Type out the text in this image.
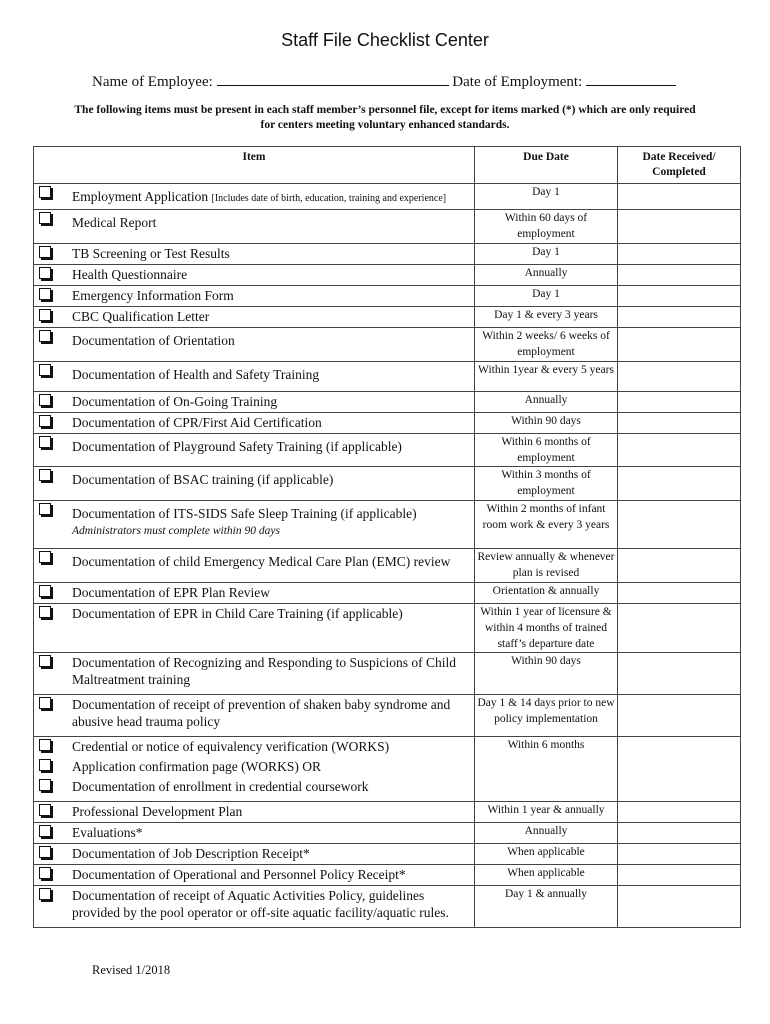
Staff File Checklist Center
Name of Employee:	Date of Employment:
The following items must be present in each staff member’s personnel file, except for items marked (*) which are only required for centers meeting voluntary enhanced standards.
Item	Due Date	Date Received/ Completed

Employment Application [Includes date of birth, education, training and experience]	Day 1	

Medical Report	Within 60 days of employment	

TB Screening or Test Results	Day 1	

Health Questionnaire	Annually	

Emergency Information Form	Day 1	

CBC Qualification Letter	Day 1 & every 3 years	

Documentation of Orientation	Within 2 weeks/ 6 weeks of employment	

Documentation of Health and Safety Training	Within 1year & every 5 years	

Documentation of On-Going Training	Annually	

Documentation of CPR/First Aid Certification	Within 90 days	

Documentation of Playground Safety Training (if applicable)	Within 6 months of employment	

Documentation of BSAC training (if applicable)	Within 3 months of employment	

Documentation of ITS-SIDS Safe Sleep Training (if applicable)
Administrators must complete within 90 days	Within 2 months of infant room work & every 3 years	

Documentation of child Emergency Medical Care Plan (EMC) review	Review annually & whenever plan is revised	

Documentation of EPR Plan Review	Orientation & annually	

Documentation of EPR in Child Care Training (if applicable)	Within 1 year of licensure & within 4 months of trained staff’s departure date	

Documentation of Recognizing and Responding to Suspicions of Child Maltreatment training	Within 90 days	

Documentation of receipt of prevention of shaken baby syndrome and abusive head trauma policy	Day 1 & 14 days prior to new policy implementation	

Credential or notice of equivalency verification (WORKS)
Application confirmation page (WORKS) OR
Documentation of enrollment in credential coursework	Within 6 months	

Professional Development Plan	Within 1 year & annually	

Evaluations*	Annually	

Documentation of Job Description Receipt*	When applicable	

Documentation of Operational and Personnel Policy Receipt*	When applicable	

Documentation of receipt of Aquatic Activities Policy, guidelines provided by the pool operator or off-site aquatic facility/aquatic rules.	Day 1 & annually	
Revised 1/2018
